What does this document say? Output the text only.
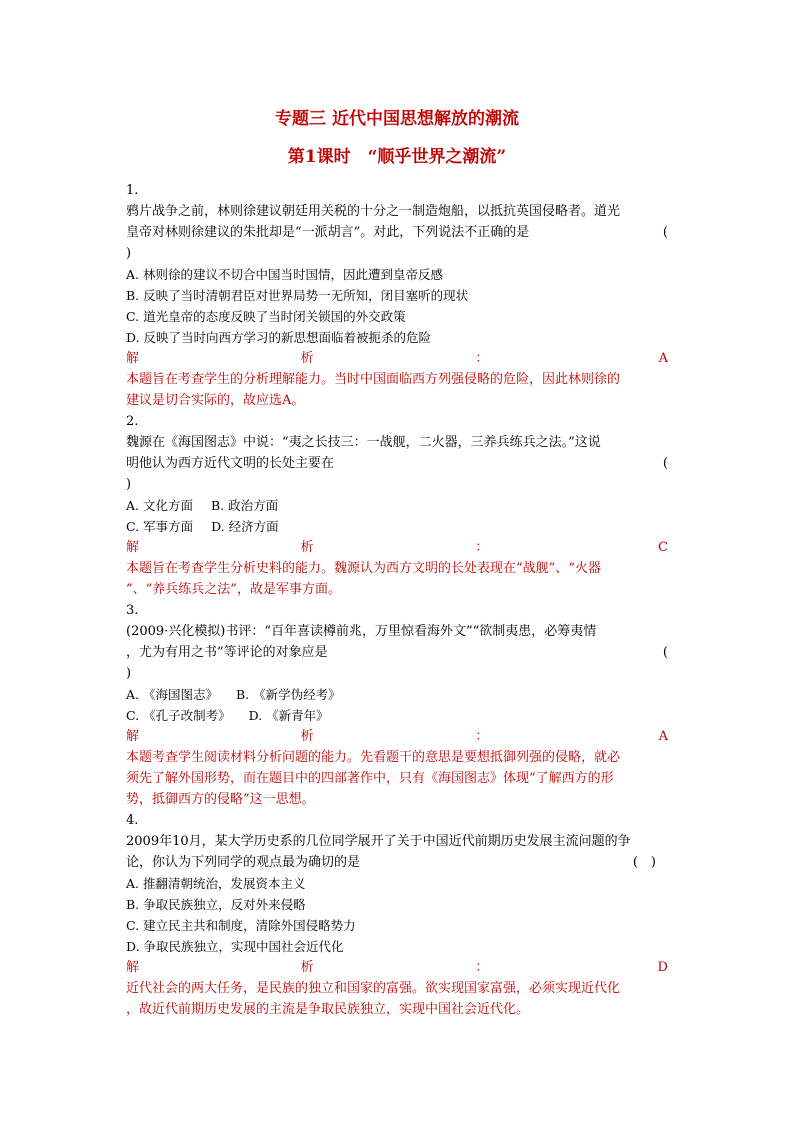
专题三 近代中国思想解放的潮流
第1课时　“顺乎世界之潮流”
1.
鸦片战争之前，林则徐建议朝廷用关税的十分之一制造炮船，以抵抗英国侵略者。道光
皇帝对林则徐建议的朱批却是“一派胡言”。对此，下列说法不正确的是	(
)
A. 林则徐的建议不切合中国当时国情，因此遭到皇帝反感
B. 反映了当时清朝君臣对世界局势一无所知，闭目塞听的现状
C. 道光皇帝的态度反映了当时闭关锁国的外交政策
D. 反映了当时向西方学习的新思想面临着被扼杀的危险
解	析	：	A
本题旨在考查学生的分析理解能力。当时中国面临西方列强侵略的危险，因此林则徐的
建议是切合实际的，故应选A。
2.
魏源在《海国图志》中说：“夷之长技三：一战舰，二火器，三养兵练兵之法。”这说
明他认为西方近代文明的长处主要在	(
)
A. 文化方面 B. 政治方面
C. 军事方面 D. 经济方面
解	析	：	C
本题旨在考查学生分析史料的能力。魏源认为西方文明的长处表现在“战舰”、“火器
”、“养兵练兵之法”，故是军事方面。
3.
(2009·兴化模拟)书评：“百年喜读樽前兆，万里惊看海外文”“欲制夷患，必筹夷情
，尤为有用之书”等评论的对象应是	(
)
A. 《海国图志》 B. 《新学伪经考》
C. 《孔子改制考》 D. 《新青年》
解	析	：	A
本题考查学生阅读材料分析问题的能力。先看题干的意思是要想抵御列强的侵略，就必
须先了解外国形势，而在题目中的四部著作中，只有《海国图志》体现“了解西方的形
势，抵御西方的侵略”这一思想。
4.
2009年10月，某大学历史系的几位同学展开了关于中国近代前期历史发展主流问题的争
论，你认为下列同学的观点最为确切的是	(　)
A. 推翻清朝统治，发展资本主义
B. 争取民族独立，反对外来侵略
C. 建立民主共和制度，清除外国侵略势力
D. 争取民族独立，实现中国社会近代化
解	析	：	D
近代社会的两大任务，是民族的独立和国家的富强。欲实现国家富强，必须实现近代化
，故近代前期历史发展的主流是争取民族独立，实现中国社会近代化。
